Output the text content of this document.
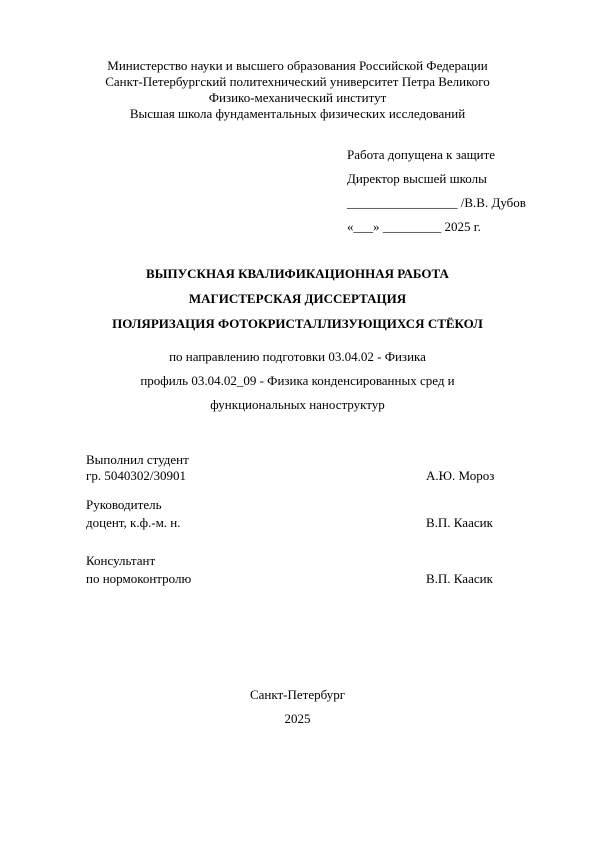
Министерство науки и высшего образования Российской Федерации
Санкт-Петербургский политехнический университет Петра Великого
Физико-механический институт
Высшая школа фундаментальных физических исследований
Работа допущена к защите
Директор высшей школы
_________________ /В.В. Дубов
«___» _________ 2025 г.
ВЫПУСКНАЯ КВАЛИФИКАЦИОННАЯ РАБОТА
МАГИСТЕРСКАЯ ДИССЕРТАЦИЯ
ПОЛЯРИЗАЦИЯ ФОТОКРИСТАЛЛИЗУЮЩИХСЯ СТЁКОЛ
по направлению подготовки 03.04.02 - Физика
профиль 03.04.02_09 - Физика конденсированных сред и
функциональных наноструктур
Выполнил студент
гр. 5040302/30901	А.Ю. Мороз
Руководитель
доцент, к.ф.-м. н.	В.П. Каасик
Консультант
по нормоконтролю	В.П. Каасик
Санкт-Петербург
2025
